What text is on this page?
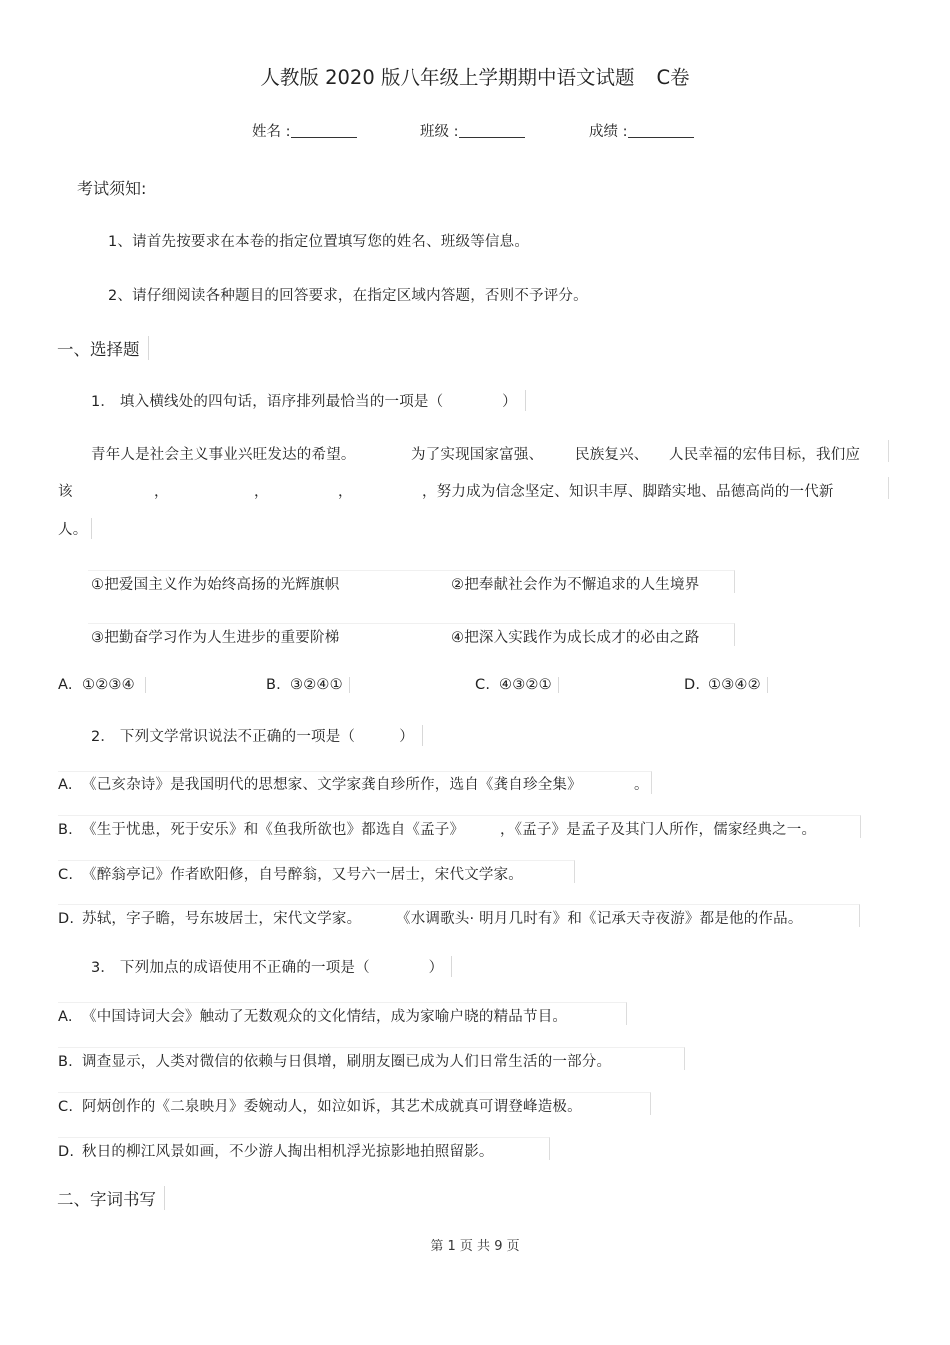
人教版 2020 版八年级上学期期中语文试题 C卷
姓名 :	班级 :	成绩 :
考试须知:
1、请首先按要求在本卷的指定位置填写您的姓名、班级等信息。
2、请仔细阅读各种题目的回答要求，在指定区域内答题，否则不予评分。
一、选择题
1． 填入横线处的四句话，语序排列最恰当的一项是（　　　　）
青年人是社会主义事业兴旺发达的希望。	为了实现国家富强、 民族复兴、 人民幸福的宏伟目标，我们应
该	，	，	，	，努力成为信念坚定、知识丰厚、脚踏实地、品德高尚的一代新
人。
①把爱国主义作为始终高扬的光辉旗帜	②把奉献社会作为不懈追求的人生境界
③把勤奋学习作为人生进步的重要阶梯	④把深入实践作为成长成才的必由之路
A. ①②③④	B. ③②④①	C. ④③②①	D. ①③④②
2． 下列文学常识说法不正确的一项是（　　　）
A. 《己亥杂诗》是我国明代的思想家、文学家龚自珍所作，选自《龚自珍全集》	。
B. 《生于忧患，死于安乐》和《鱼我所欲也》都选自《孟子》 ，《孟子》是孟子及其门人所作，儒家经典之一。
C. 《醉翁亭记》作者欧阳修，自号醉翁，又号六一居士，宋代文学家。
D. 苏轼，字子瞻，号东坡居士，宋代文学家。 《水调歌头· 明月几时有》和《记承天寺夜游》都是他的作品。
3． 下列加点的成语使用不正确的一项是（　　　　）
A. 《中国诗词大会》触动了无数观众的文化情结，成为家喻户晓的精品节目。
B. 调查显示，人类对微信的依赖与日俱增，刷朋友圈已成为人们日常生活的一部分。
C. 阿炳创作的《二泉映月》委婉动人，如泣如诉，其艺术成就真可谓登峰造极。
D. 秋日的柳江风景如画，不少游人掏出相机浮光掠影地拍照留影。
二、字词书写
第 1 页 共 9 页
